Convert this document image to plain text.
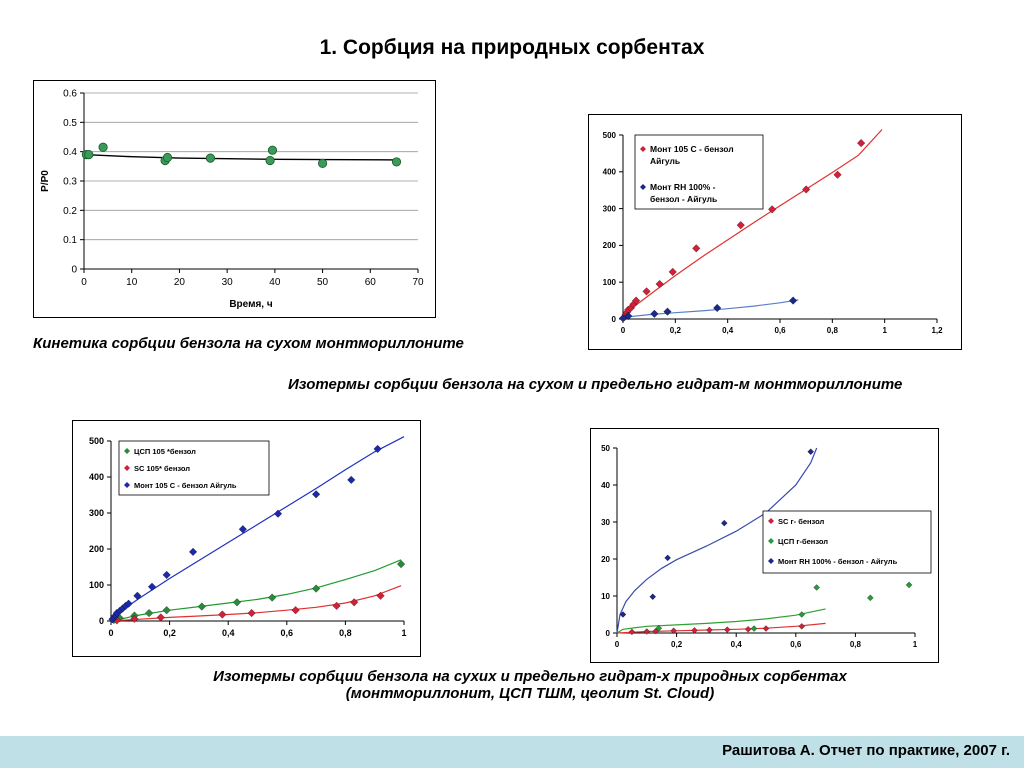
1. Сорбция на природных сорбентах
0	10	20	30	40	50	60	70
0
0.1
0.2
0.3
0.4
0.5
0.6
Время, ч
P/P0
0	0,2	0,4	0,6	0,8	1	1,2
0
100
200
300
400
500
Монт 105 С - бензол Айгуль
Монт RH 100% -бензол - Айгуль
Кинетика сорбции бензола на сухом монтмориллоните
Изотермы сорбции бензола на сухом и предельно гидрат-м монтмориллоните
0	0,2	0,4	0,6	0,8	1
0
100
200
300
400
500
ЦСП 105 *бензол
SC 105* бензол
Монт 105 С - бензол Айгуль
0	0,2	0,4	0,6	0,8	1
0
10
20
30
40
50
SC г- бензол
ЦСП г-бензол
Монт RH 100% - бензол - Айгуль
Изотермы сорбции бензола на сухих и предельно гидрат-х природных сорбентах
(монтмориллонит, ЦСП ТШМ, цеолит St. Cloud)
Рашитова А. Отчет по практике, 2007 г.
